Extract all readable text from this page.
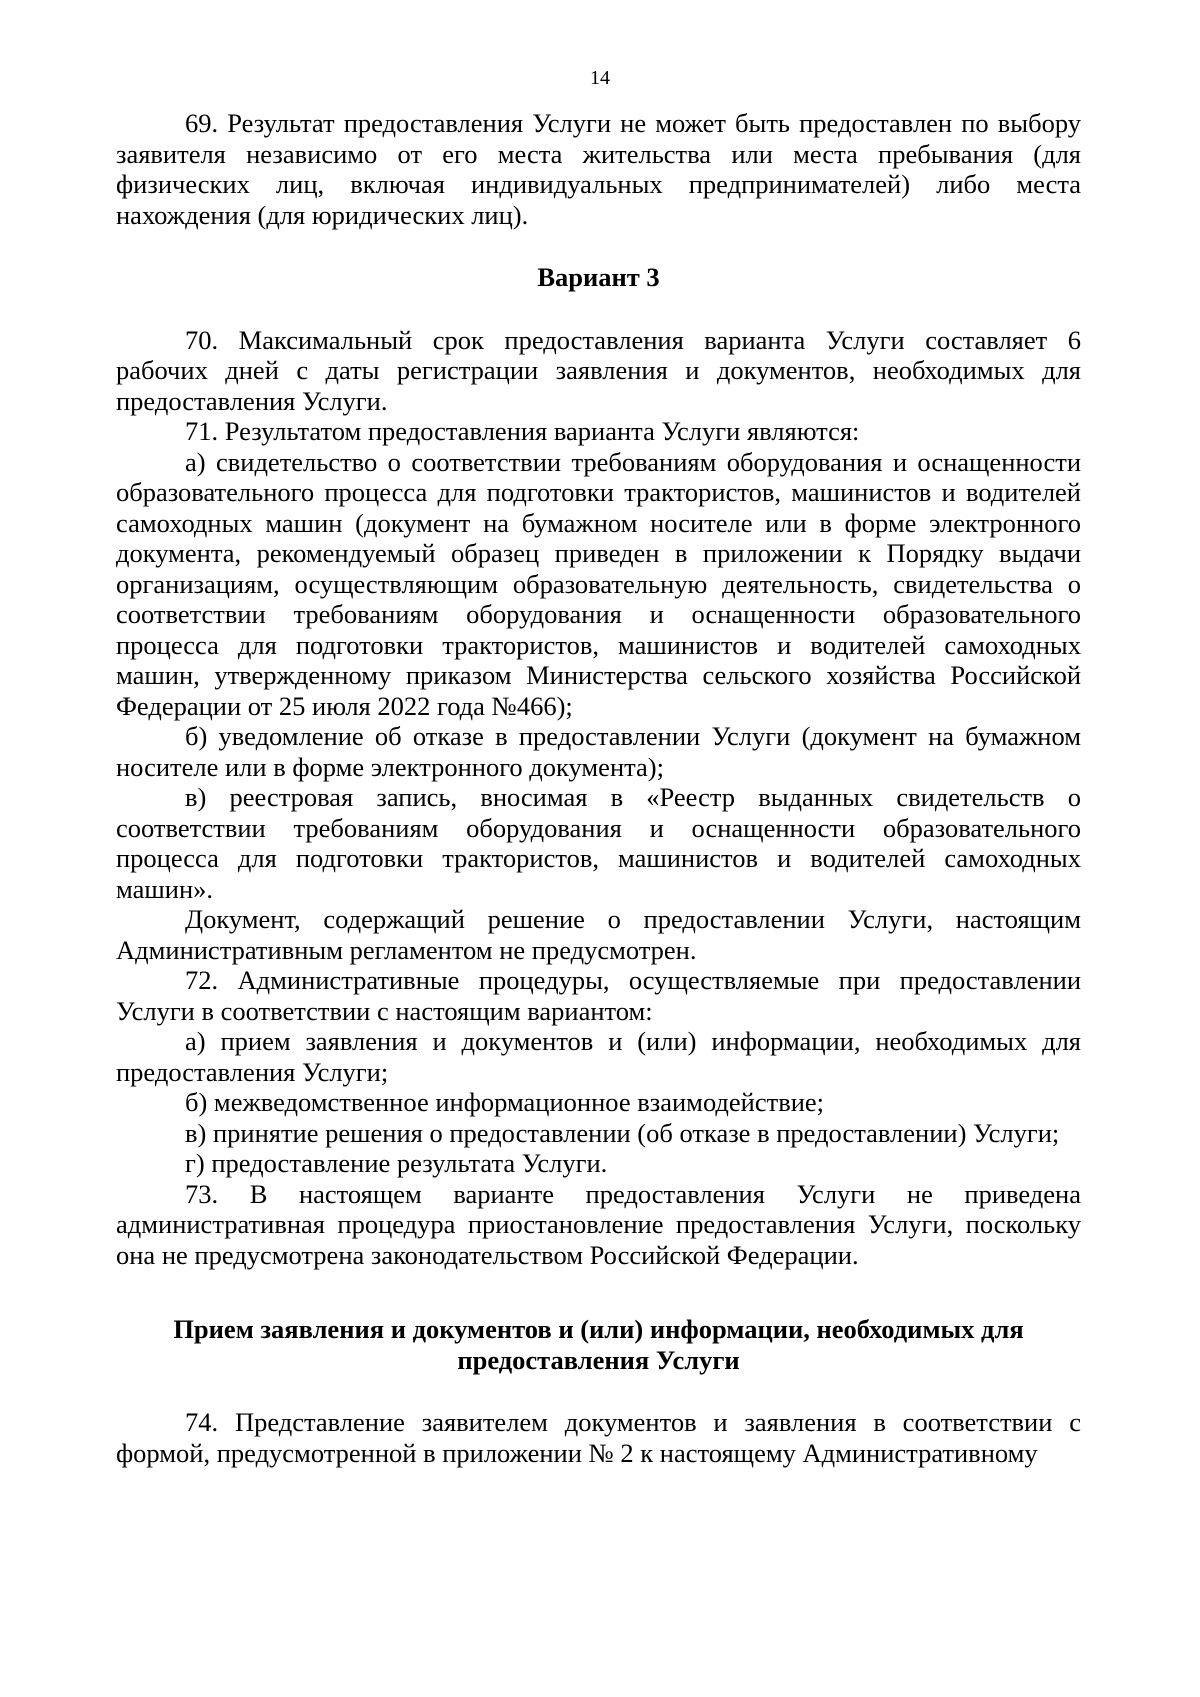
14

69. Результат предоставления Услуги не может быть предоставлен по выбору заявителя независимо от его места жительства или места пребывания (для физических лиц, включая индивидуальных предпринимателей) либо места нахождения (для юридических лиц).

Вариант 3

70. Максимальный срок предоставления варианта Услуги составляет 6 рабочих дней с даты регистрации заявления и документов, необходимых для предоставления Услуги.

71. Результатом предоставления варианта Услуги являются:

а) свидетельство о соответствии требованиям оборудования и оснащенности образовательного процесса для подготовки трактористов, машинистов и водителей самоходных машин (документ на бумажном носителе или в форме электронного документа, рекомендуемый образец приведен в приложении к Порядку выдачи организациям, осуществляющим образовательную деятельность, свидетельства о соответствии требованиям оборудования и оснащенности образовательного процесса для подготовки трактористов, машинистов и водителей самоходных машин, утвержденному приказом Министерства сельского хозяйства Российской Федерации от 25 июля 2022 года №466);

б) уведомление об отказе в предоставлении Услуги (документ на бумажном носителе или в форме электронного документа);

в) реестровая запись, вносимая в «Реестр выданных свидетельств о соответствии требованиям оборудования и оснащенности образовательного процесса для подготовки трактористов, машинистов и водителей самоходных машин».

Документ, содержащий решение о предоставлении Услуги, настоящим Административным регламентом не предусмотрен.

72. Административные процедуры, осуществляемые при предоставлении Услуги в соответствии с настоящим вариантом:

а) прием заявления и документов и (или) информации, необходимых для предоставления Услуги;

б) межведомственное информационное взаимодействие;

в) принятие решения о предоставлении (об отказе в предоставлении) Услуги;

г) предоставление результата Услуги.

73. В настоящем варианте предоставления Услуги не приведена административная процедура приостановление предоставления Услуги, поскольку она не предусмотрена законодательством Российской Федерации.

Прием заявления и документов и (или) информации, необходимых для предоставления Услуги

74. Представление заявителем документов и заявления в соответствии с формой, предусмотренной в приложении № 2 к настоящему Административному
